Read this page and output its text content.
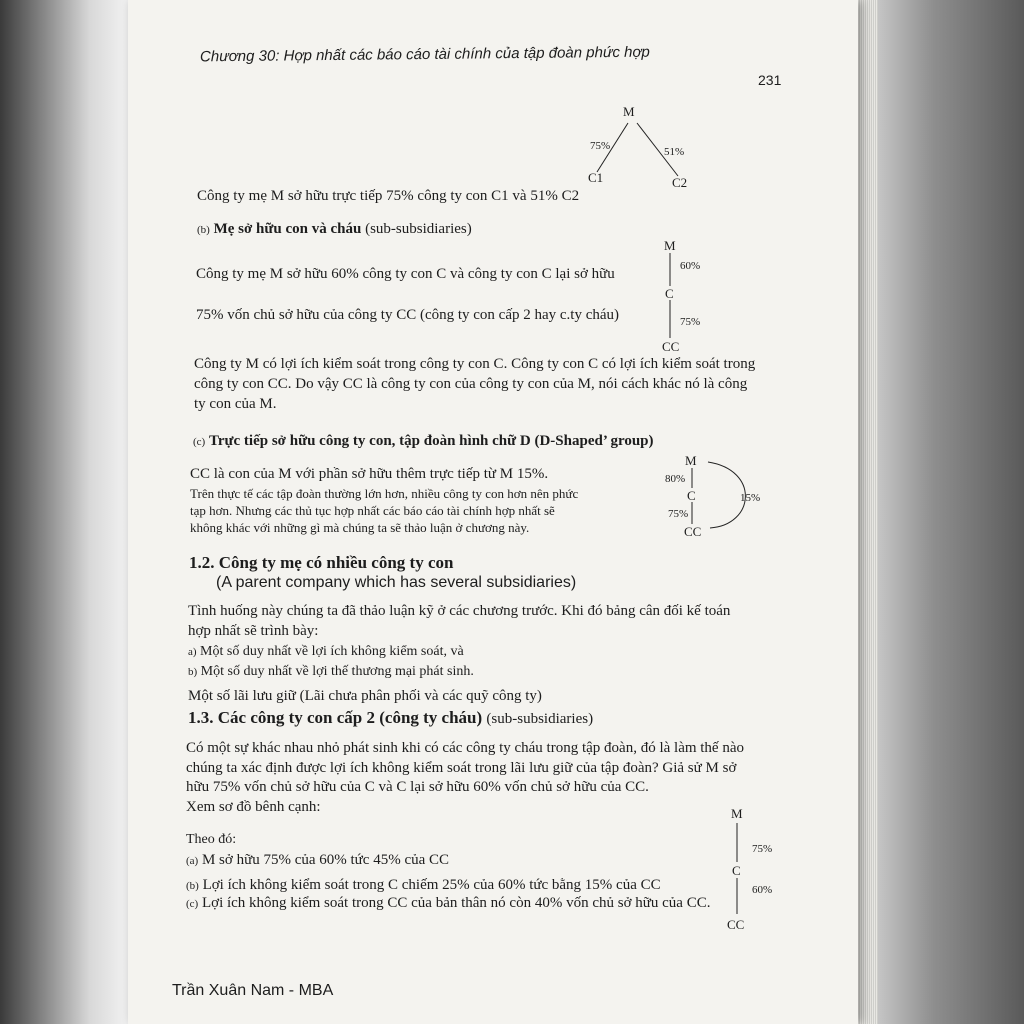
Chương 30: Hợp nhất các báo cáo tài chính của tập đoàn phức hợp
231
M
C1	C2
75%	51%
Công ty mẹ M sở hữu trực tiếp 75% công ty con C1 và 51% C2
(b) Mẹ sở hữu con và cháu (sub-subsidiaries)
M
60%
C
75%
CC
Công ty mẹ M sở hữu 60% công ty con C và công ty con C lại sở hữu
75% vốn chủ sở hữu của công ty CC (công ty con cấp 2 hay c.ty cháu)
Công ty M có lợi ích kiểm soát trong công ty con C. Công ty con C có lợi ích kiểm soát trong
công ty con CC. Do vậy CC là công ty con của công ty con của M, nói cách khác nó là công
ty con của M.
(c) Trực tiếp sở hữu công ty con, tập đoàn hình chữ D (D-Shaped’ group)
M
80%
C	15%
75%
CC
CC là con của M với phần sở hữu thêm trực tiếp từ M 15%.
Trên thực tế các tập đoàn thường lớn hơn, nhiều công ty con hơn nên phức
tạp hơn. Nhưng các thủ tục hợp nhất các báo cáo tài chính hợp nhất sẽ
không khác với những gì mà chúng ta sẽ thảo luận ở chương này.
1.2. Công ty mẹ có nhiều công ty con
(A parent company which has several subsidiaries)
Tình huống này chúng ta đã thảo luận kỹ ở các chương trước. Khi đó bảng cân đối kế toán
hợp nhất sẽ trình bày:
a) Một số duy nhất về lợi ích không kiểm soát, và
b) Một số duy nhất về lợi thế thương mại phát sinh.
Một số lãi lưu giữ (Lãi chưa phân phối và các quỹ công ty)
1.3. Các công ty con cấp 2 (công ty cháu) (sub-subsidiaries)
Có một sự khác nhau nhỏ phát sinh khi có các công ty cháu trong tập đoàn, đó là làm thế nào
chúng ta xác định được lợi ích không kiểm soát trong lãi lưu giữ của tập đoàn? Giả sử M sở
hữu 75% vốn chủ sở hữu của C và C lại sở hữu 60% vốn chủ sở hữu của CC.
Xem sơ đồ bênh cạnh:
Theo đó:
(a) M sở hữu 75% của 60% tức 45% của CC
(b) Lợi ích không kiểm soát trong C chiếm 25% của 60% tức bằng 15% của CC
(c) Lợi ích không kiểm soát trong CC của bản thân nó còn 40% vốn chủ sở hữu của CC.
M
75%
C
60%
CC
Trần Xuân Nam - MBA
